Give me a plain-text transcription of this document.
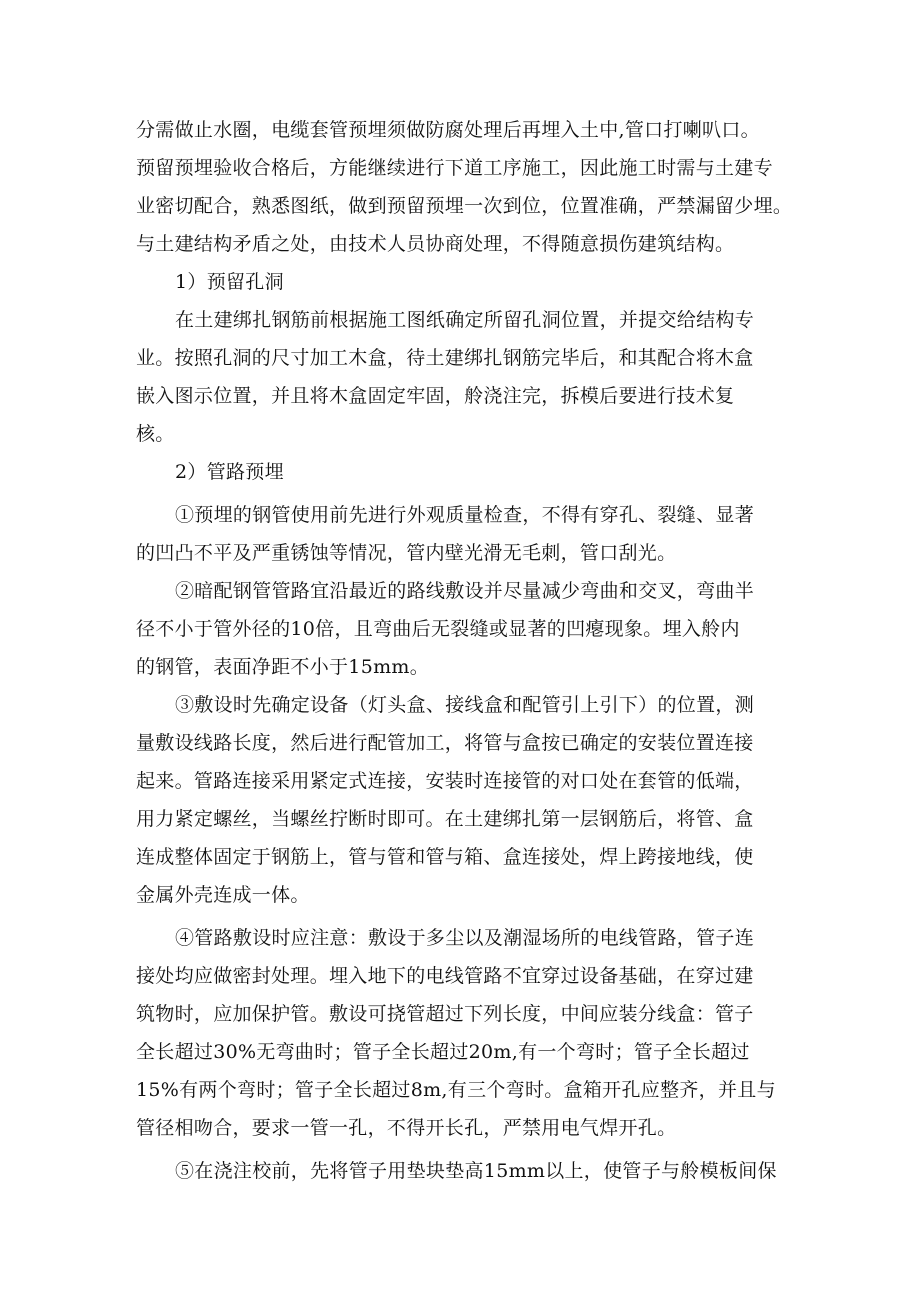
分需做止水圈，电缆套管预埋须做防腐处理后再埋入土中,管口打喇叭口。
预留预埋验收合格后，方能继续进行下道工序施工，因此施工时需与土建专
业密切配合，熟悉图纸，做到预留预埋一次到位，位置准确，严禁漏留少埋。
与土建结构矛盾之处，由技术人员协商处理，不得随意损伤建筑结构。
1）预留孔洞
在土建绑扎钢筋前根据施工图纸确定所留孔洞位置，并提交给结构专
业。按照孔洞的尺寸加工木盒，待土建绑扎钢筋完毕后，和其配合将木盒
嵌入图示位置，并且将木盒固定牢固，舲浇注完，拆模后要进行技术复
核。
2）管路预埋
①预埋的钢管使用前先进行外观质量检查，不得有穿孔、裂缝、显著
的凹凸不平及严重锈蚀等情况，管内壁光滑无毛刺，管口刮光。
②暗配钢管管路宜沿最近的路线敷设并尽量减少弯曲和交叉，弯曲半
径不小于管外径的10倍，且弯曲后无裂缝或显著的凹瘪现象。埋入舲内
的钢管，表面净距不小于15mm。
③敷设时先确定设备（灯头盒、接线盒和配管引上引下）的位置，测
量敷设线路长度，然后进行配管加工，将管与盒按已确定的安装位置连接
起来。管路连接采用紧定式连接，安装时连接管的对口处在套管的低端，
用力紧定螺丝，当螺丝拧断时即可。在土建绑扎第一层钢筋后，将管、盒
连成整体固定于钢筋上，管与管和管与箱、盒连接处，焊上跨接地线，使
金属外壳连成一体。
④管路敷设时应注意：敷设于多尘以及潮湿场所的电线管路，管子连
接处均应做密封处理。埋入地下的电线管路不宜穿过设备基础，在穿过建
筑物时，应加保护管。敷设可挠管超过下列长度，中间应装分线盒：管子
全长超过30%无弯曲时；管子全长超过20m,有一个弯时；管子全长超过
15%有两个弯时；管子全长超过8m,有三个弯时。盒箱开孔应整齐，并且与
管径相吻合，要求一管一孔，不得开长孔，严禁用电气焊开孔。
⑤在浇注校前，先将管子用垫块垫高15mm以上，使管子与舲模板间保
